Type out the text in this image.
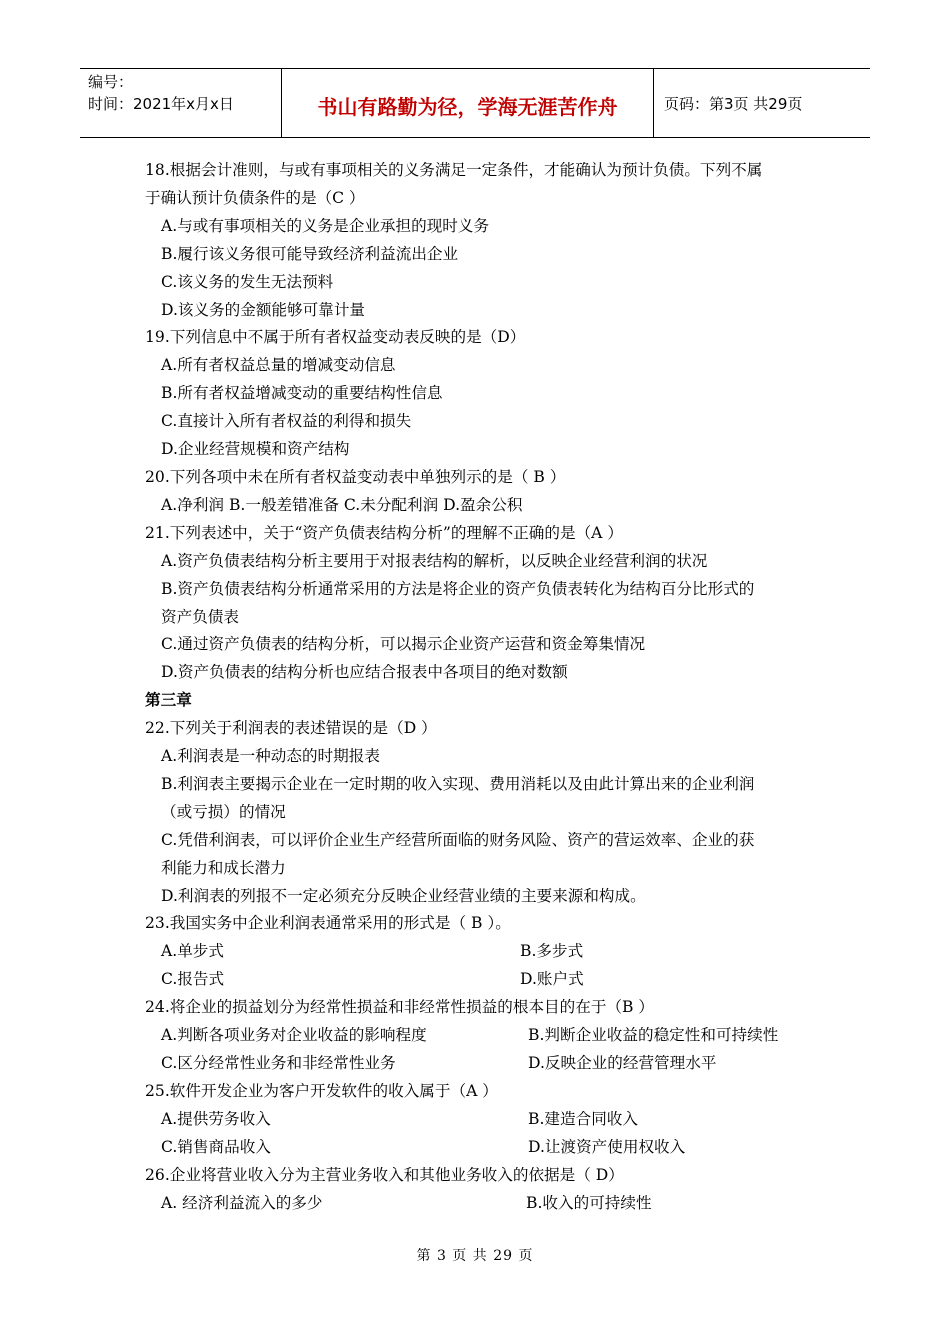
编号：
时间：2021年x月x日	书山有路勤为径，学海无涯苦作舟	页码：第3页 共29页
18.根据会计准则，与或有事项相关的义务满足一定条件，才能确认为预计负债。下列不属
于确认预计负债条件的是（C ）
A.与或有事项相关的义务是企业承担的现时义务
B.履行该义务很可能导致经济利益流出企业
C.该义务的发生无法预料
D.该义务的金额能够可靠计量
19.下列信息中不属于所有者权益变动表反映的是（D）
A.所有者权益总量的增减变动信息
B.所有者权益增减变动的重要结构性信息
C.直接计入所有者权益的利得和损失
D.企业经营规模和资产结构
20.下列各项中未在所有者权益变动表中单独列示的是（ B ）
A.净利润 B.一般差错准备 C.未分配利润 D.盈余公积
21.下列表述中，关于“资产负债表结构分析”的理解不正确的是（A ）
A.资产负债表结构分析主要用于对报表结构的解析，以反映企业经营利润的状况
B.资产负债表结构分析通常采用的方法是将企业的资产负债表转化为结构百分比形式的
资产负债表
C.通过资产负债表的结构分析，可以揭示企业资产运营和资金筹集情况
D.资产负债表的结构分析也应结合报表中各项目的绝对数额
第三章
22.下列关于利润表的表述错误的是（D ）
A.利润表是一种动态的时期报表
B.利润表主要揭示企业在一定时期的收入实现、费用消耗以及由此计算出来的企业利润
（或亏损）的情况
C.凭借利润表，可以评价企业生产经营所面临的财务风险、资产的营运效率、企业的获
利能力和成长潜力
D.利润表的列报不一定必须充分反映企业经营业绩的主要来源和构成。
23.我国实务中企业利润表通常采用的形式是（ B ）。
A.单步式	B.多步式
C.报告式	D.账户式
24.将企业的损益划分为经常性损益和非经常性损益的根本目的在于（B ）
A.判断各项业务对企业收益的影响程度	B.判断企业收益的稳定性和可持续性
C.区分经常性业务和非经常性业务	D.反映企业的经营管理水平
25.软件开发企业为客户开发软件的收入属于（A ）
A.提供劳务收入	B.建造合同收入
C.销售商品收入	D.让渡资产使用权收入
26.企业将营业收入分为主营业务收入和其他业务收入的依据是（ D）
A. 经济利益流入的多少	B.收入的可持续性
第 3 页 共 29 页
